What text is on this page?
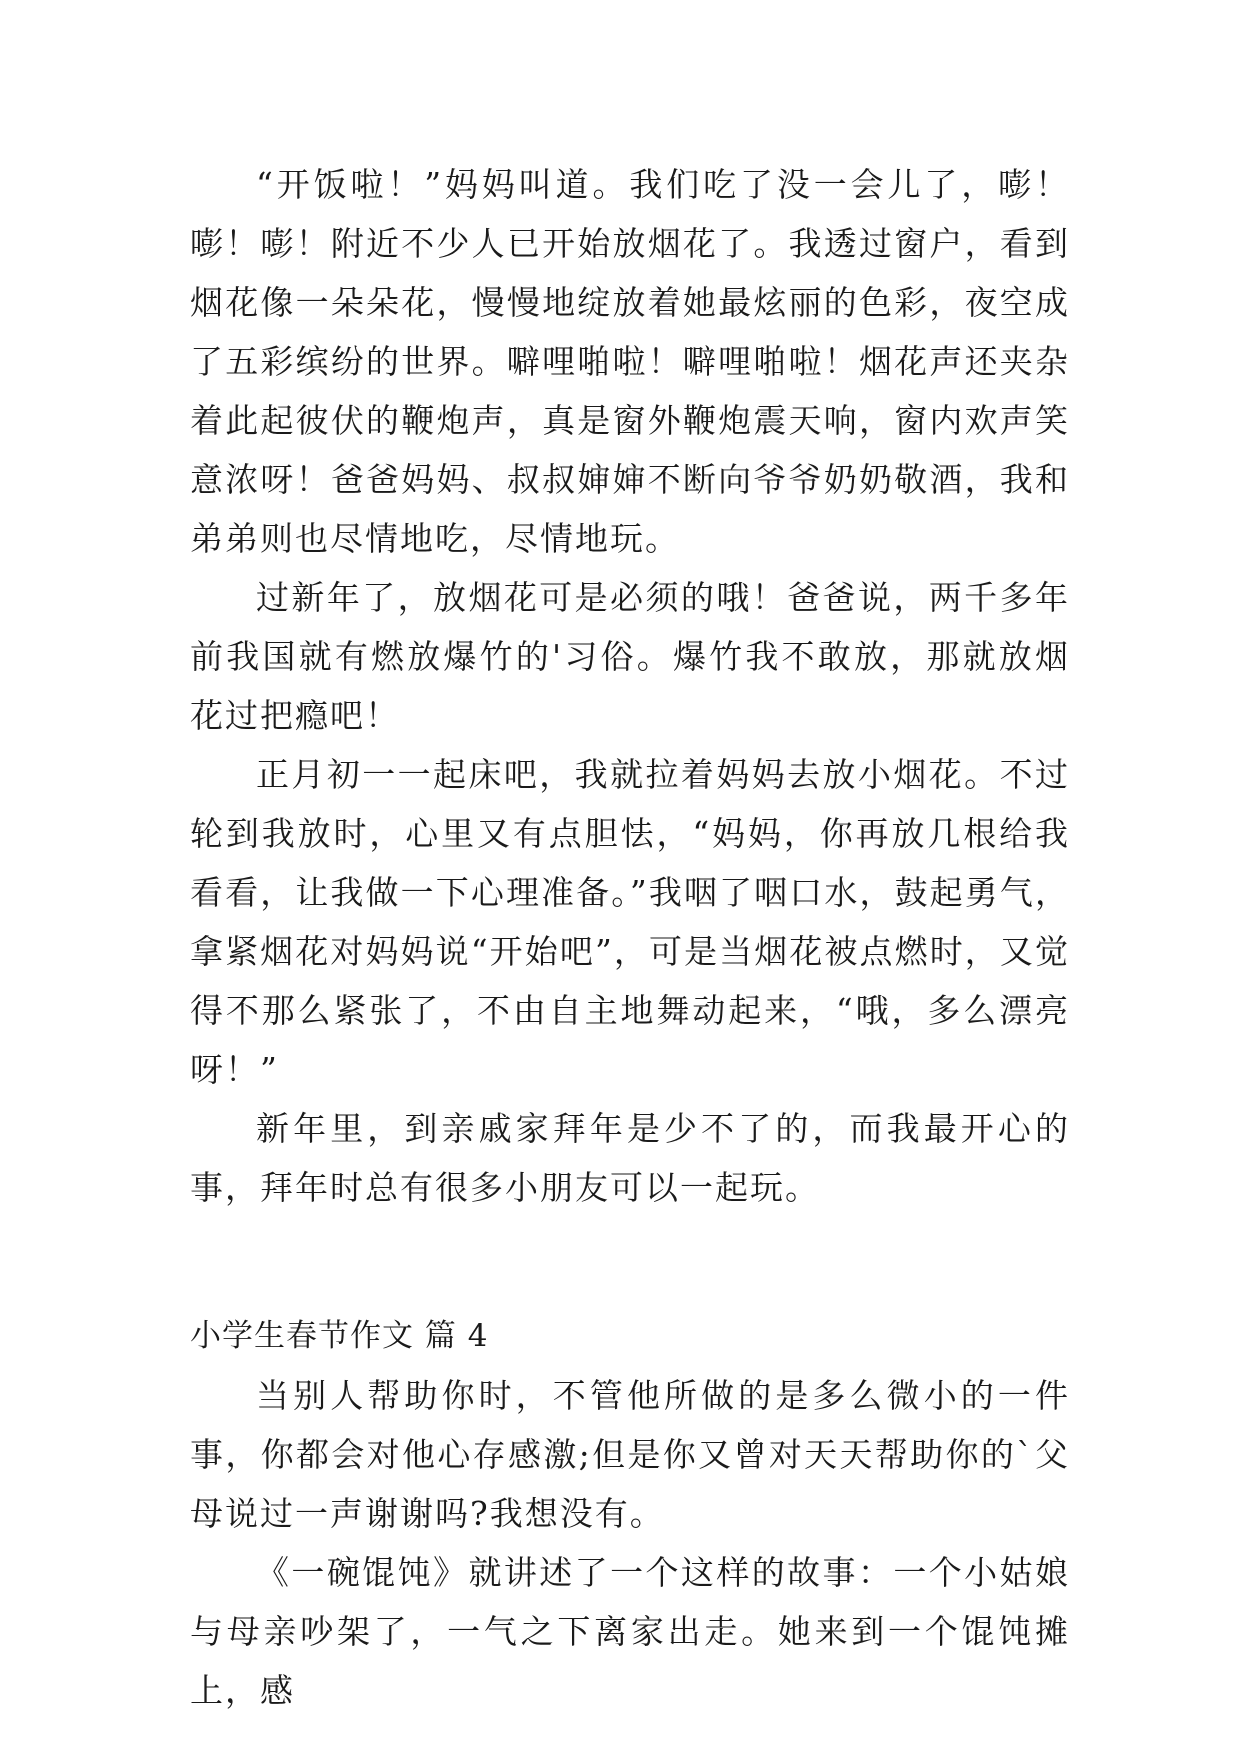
“开饭啦！”妈妈叫道。我们吃了没一会儿了，嘭！嘭！嘭！附近不少人已开始放烟花了。我透过窗户，看到烟花像一朵朵花，慢慢地绽放着她最炫丽的色彩，夜空成了五彩缤纷的世界。噼哩啪啦！噼哩啪啦！烟花声还夹杂着此起彼伏的鞭炮声，真是窗外鞭炮震天响，窗内欢声笑意浓呀！爸爸妈妈、叔叔婶婶不断向爷爷奶奶敬酒，我和弟弟则也尽情地吃，尽情地玩。

过新年了，放烟花可是必须的哦！爸爸说，两千多年前我国就有燃放爆竹的'习俗。爆竹我不敢放，那就放烟花过把瘾吧！

正月初一一起床吧，我就拉着妈妈去放小烟花。不过轮到我放时，心里又有点胆怯，“妈妈，你再放几根给我看看，让我做一下心理准备。”我咽了咽口水，鼓起勇气，拿紧烟花对妈妈说“开始吧”，可是当烟花被点燃时，又觉得不那么紧张了，不由自主地舞动起来，“哦，多么漂亮呀！”

新年里，到亲戚家拜年是少不了的，而我最开心的事，拜年时总有很多小朋友可以一起玩。

小学生春节作文 篇 4

当别人帮助你时，不管他所做的是多么微小的一件事，你都会对他心存感激;但是你又曾对天天帮助你的`父母说过一声谢谢吗?我想没有。

《一碗馄饨》就讲述了一个这样的故事：一个小姑娘与母亲吵架了，一气之下离家出走。她来到一个馄饨摊上，感
